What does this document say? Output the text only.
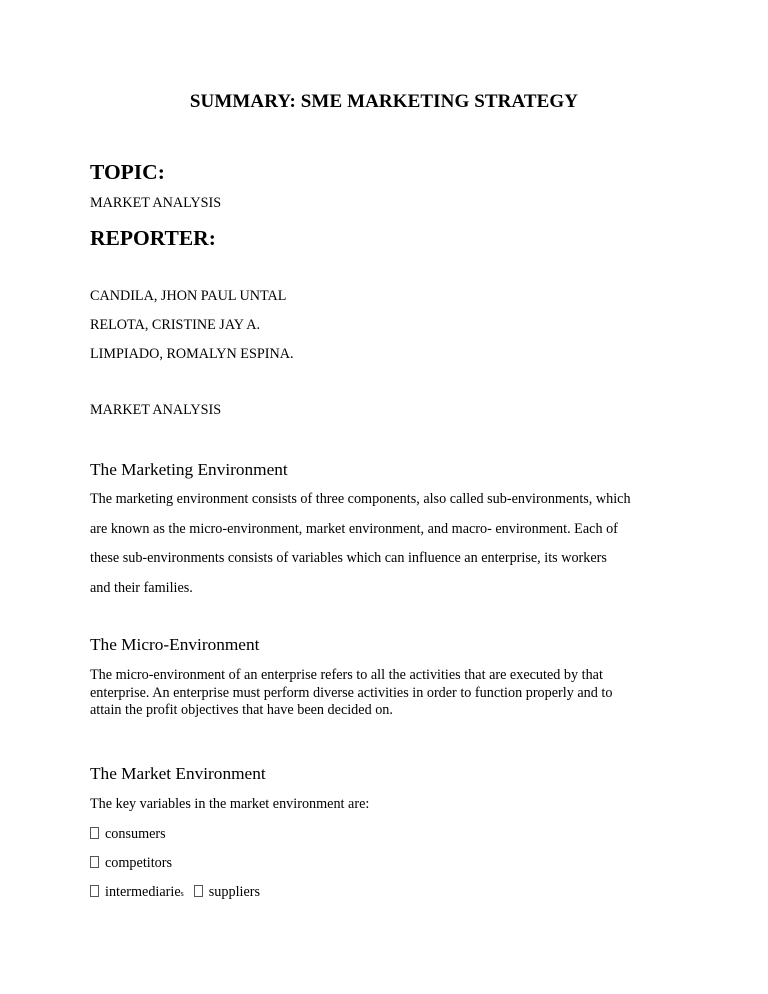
SUMMARY: SME MARKETING STRATEGY
TOPIC:
MARKET ANALYSIS
REPORTER:
CANDILA, JHON PAUL UNTAL
RELOTA, CRISTINE JAY A.
LIMPIADO, ROMALYN ESPINA.
MARKET ANALYSIS
The Marketing Environment
The marketing environment consists of three components, also called sub-environments, which
are known as the micro-environment, market environment, and macro- environment. Each of
these sub-environments consists of variables which can influence an enterprise, its workers
and their families.
The Micro-Environment
The micro-environment of an enterprise refers to all the activities that are executed by that
enterprise. An enterprise must perform diverse activities in order to function properly and to
attain the profit objectives that have been decided on.
The Market Environment
The key variables in the market environment are:
consumers
competitors
intermediarie s suppliers
